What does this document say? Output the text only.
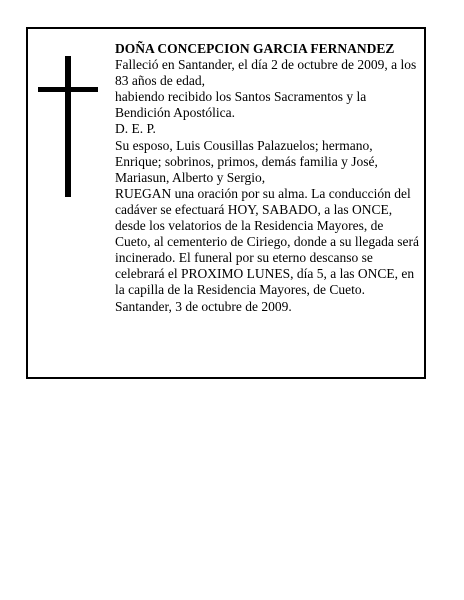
DOÑA CONCEPCION GARCIA FERNANDEZ

Falleció en Santander, el día 2 de octubre de 2009, a los 83 años de edad,

habiendo recibido los Santos Sacramentos y la Bendición Apostólica.

D. E. P.

Su esposo, Luis Cousillas Palazuelos; hermano, Enrique; sobrinos, primos, demás familia y José, Mariasun, Alberto y Sergio,

RUEGAN una oración por su alma. La conducción del cadáver se efectuará HOY, SABADO, a las ONCE, desde los velatorios de la Residencia Mayores, de Cueto, al cementerio de Ciriego, donde a su llegada será incinerado. El funeral por su eterno descanso se celebrará el PROXIMO LUNES, día 5, a las ONCE, en la capilla de la Residencia Mayores, de Cueto.

Santander, 3 de octubre de 2009.
